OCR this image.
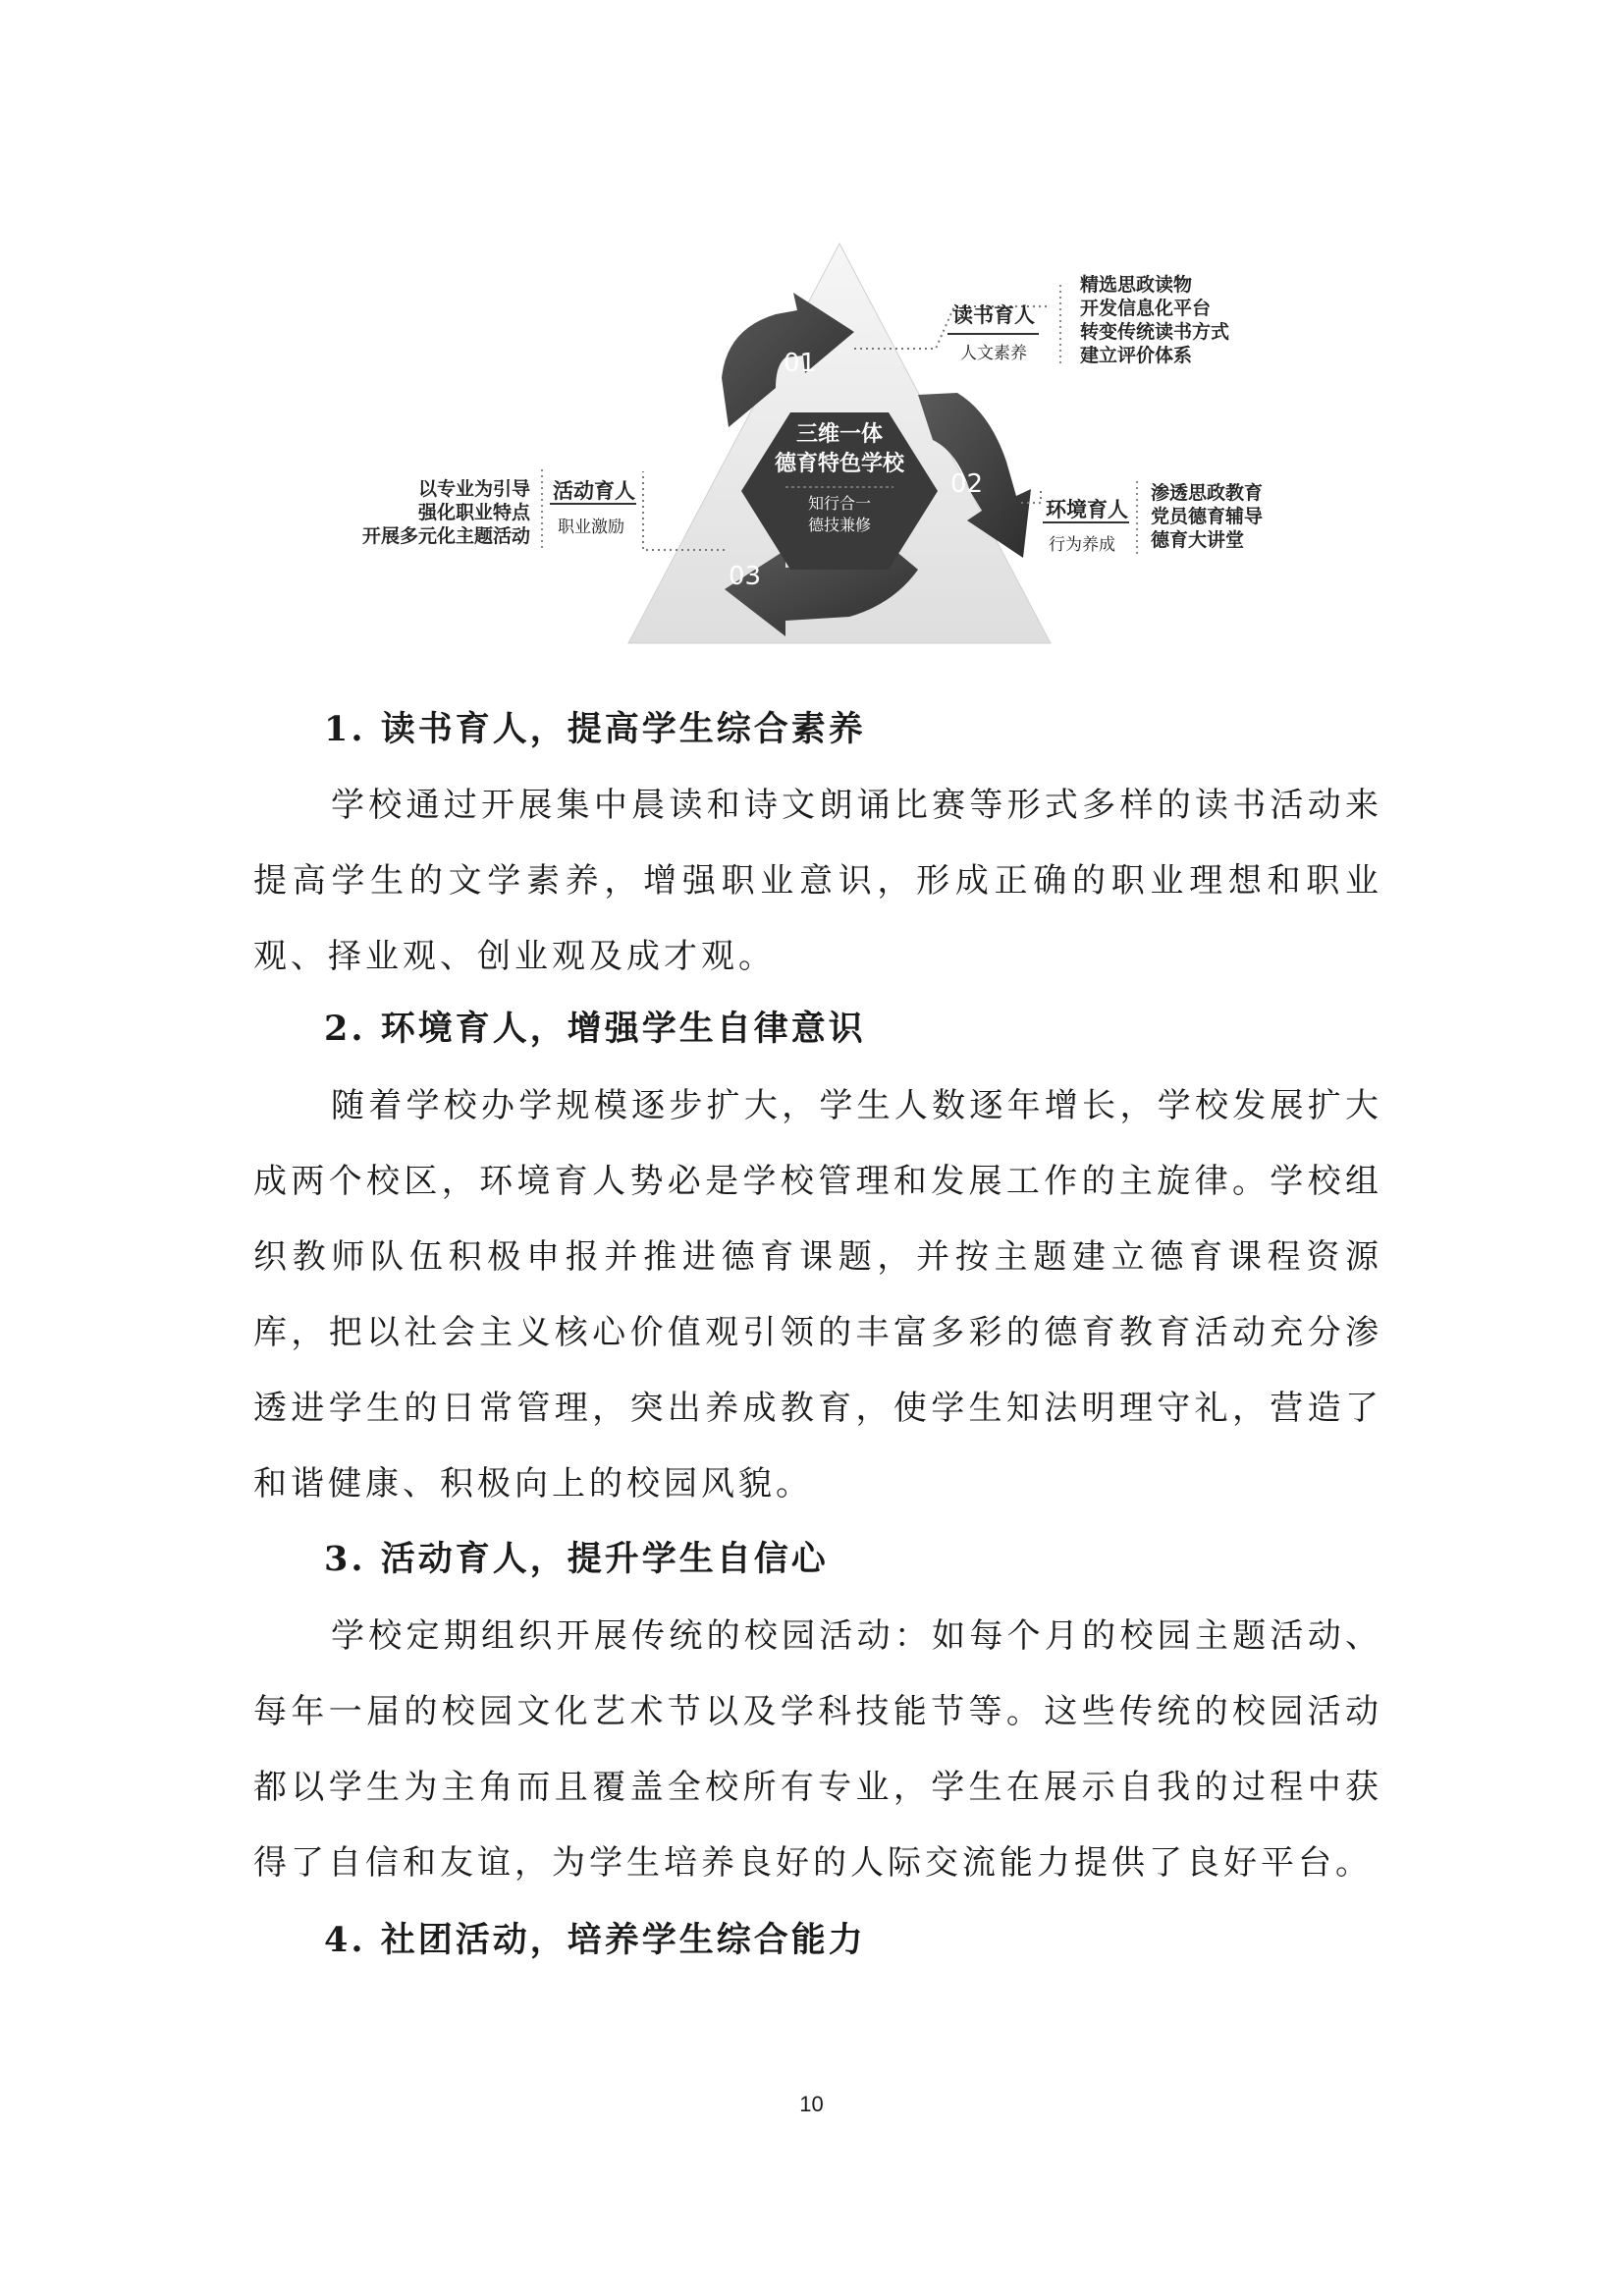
01
02
03
三维一体
德育特色学校
知行合一
德技兼修
读书育人
人文素养
精选思政读物
开发信息化平台
转变传统读书方式
建立评价体系
环境育人
行为养成
渗透思政教育
党员德育辅导
德育大讲堂
活动育人
职业激励
以专业为引导
强化职业特点
开展多元化主题活动
1. 读书育人，提高学生综合素养

学校通过开展集中晨读和诗文朗诵比赛等形式多样的读书活动来提高学生的文学素养，增强职业意识，形成正确的职业理想和职业观、择业观、创业观及成才观。

2. 环境育人，增强学生自律意识

随着学校办学规模逐步扩大，学生人数逐年增长，学校发展扩大成两个校区，环境育人势必是学校管理和发展工作的主旋律。学校组织教师队伍积极申报并推进德育课题，并按主题建立德育课程资源库，把以社会主义核心价值观引领的丰富多彩的德育教育活动充分渗透进学生的日常管理，突出养成教育，使学生知法明理守礼，营造了和谐健康、积极向上的校园风貌。

3. 活动育人，提升学生自信心

学校定期组织开展传统的校园活动：如每个月的校园主题活动、每年一届的校园文化艺术节以及学科技能节等。这些传统的校园活动都以学生为主角而且覆盖全校所有专业，学生在展示自我的过程中获得了自信和友谊，为学生培养良好的人际交流能力提供了良好平台。

4. 社团活动，培养学生综合能力
10
